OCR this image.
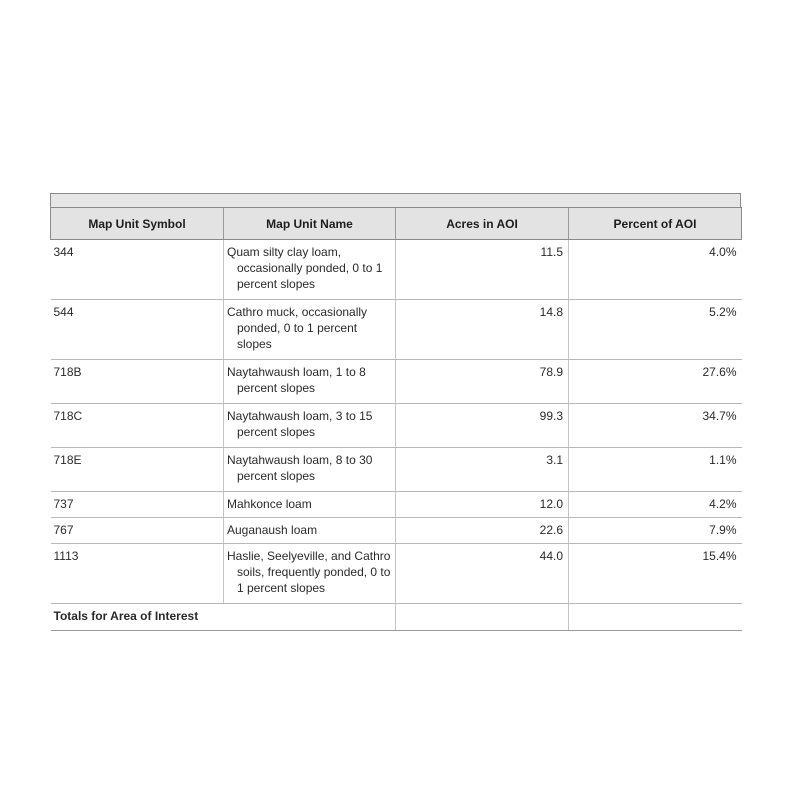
Map Unit Symbol	Map Unit Name	Acres in AOI	Percent of AOI
344	Quam silty clay loam, occasionally ponded, 0 to 1 percent slopes	11.5	4.0%
544	Cathro muck, occasionally ponded, 0 to 1 percent slopes	14.8	5.2%
718B	Naytahwaush loam, 1 to 8 percent slopes	78.9	27.6%
718C	Naytahwaush loam, 3 to 15 percent slopes	99.3	34.7%
718E	Naytahwaush loam, 8 to 30 percent slopes	3.1	1.1%
737	Mahkonce loam	12.0	4.2%
767	Auganaush loam	22.6	7.9%
1113	Haslie, Seelyeville, and Cathro soils, frequently ponded, 0 to 1 percent slopes	44.0	15.4%
Totals for Area of Interest			
